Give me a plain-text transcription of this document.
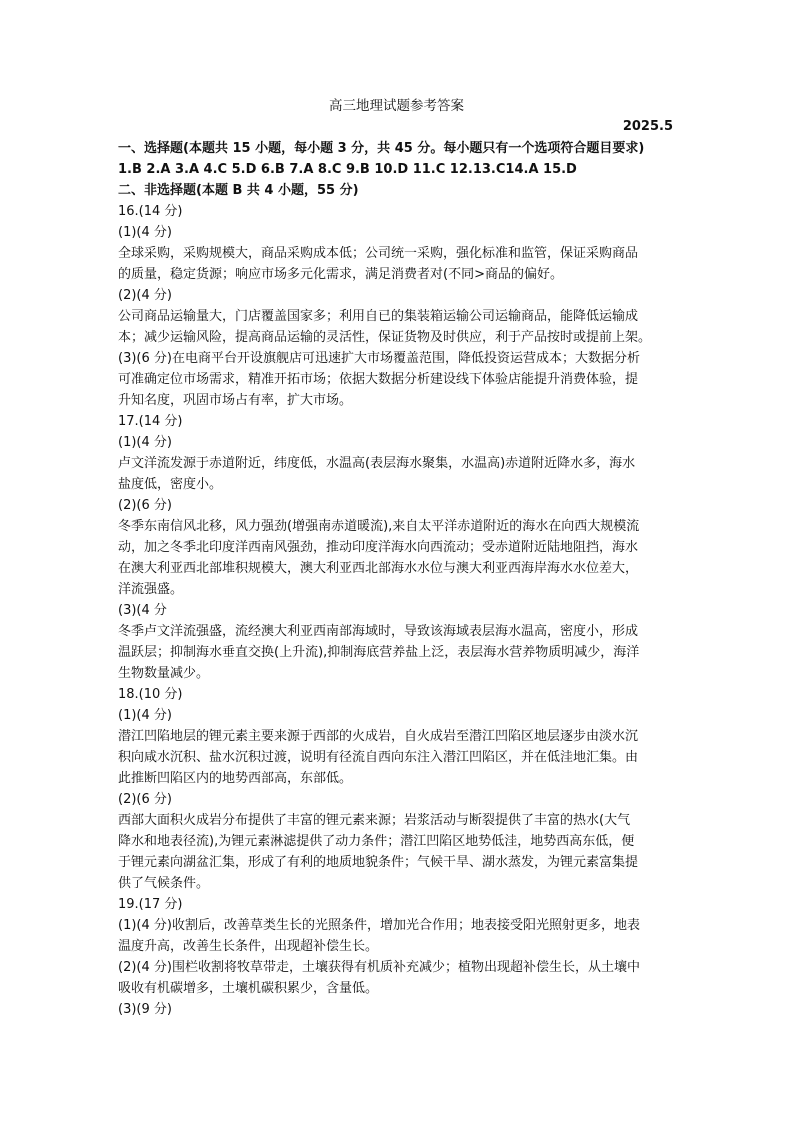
高三地理试题参考答案
2025.5
一、选择题(本题共 15 小题，每小题 3 分，共 45 分。每小题只有一个选项符合题目要求)
1.B 2.A 3.A 4.C 5.D 6.B 7.A 8.C 9.B 10.D 11.C 12.13.C14.A 15.D
二、非选择题(本题 B 共 4 小题，55 分)
16.(14 分)
(1)(4 分)
全球采购，采购规模大，商品采购成本低；公司统一采购，强化标准和监管，保证采购商品
的质量，稳定货源；响应市场多元化需求，满足消费者对(不同>商品的偏好。
(2)(4 分)
公司商品运输量大，门店覆盖国家多；利用自已的集装箱运输公司运输商品，能降低运输成
本；减少运输风险，提高商品运输的灵活性，保证货物及时供应，利于产品按时或提前上架。
(3)(6 分)在电商平台开设旗舰店可迅速扩大市场覆盖范围，降低投资运营成本；大数据分析
可准确定位市场需求，精准开拓市场；依据大数据分析建设线下体验店能提升消费体验，提
升知名度，巩固市场占有率，扩大市场。
17.(14 分)
(1)(4 分)
卢文洋流发源于赤道附近，纬度低，水温高(表层海水聚集，水温高)赤道附近降水多，海水
盐度低，密度小。
(2)(6 分)
冬季东南信风北移，风力强劲(增强南赤道暖流),来自太平洋赤道附近的海水在向西大规模流
动，加之冬季北印度洋西南风强劲，推动印度洋海水向西流动；受赤道附近陆地阻挡，海水
在澳大利亚西北部堆积规模大，澳大利亚西北部海水水位与澳大利亚西海岸海水水位差大，
洋流强盛。
(3)(4 分
冬季卢文洋流强盛，流经澳大利亚西南部海域时，导致该海域表层海水温高，密度小，形成
温跃层；抑制海水垂直交换(上升流),抑制海底营养盐上泛，表层海水营养物质明减少，海洋
生物数量减少。
18.(10 分)
(1)(4 分)
潜江凹陷地层的锂元素主要来源于西部的火成岩，自火成岩至潜江凹陷区地层逐步由淡水沉
积向咸水沉积、盐水沉积过渡，说明有径流自西向东注入潜江凹陷区，并在低洼地汇集。由
此推断凹陷区内的地势西部高，东部低。
(2)(6 分)
西部大面积火成岩分布提供了丰富的锂元素来源；岩浆活动与断裂提供了丰富的热水(大气
降水和地表径流),为锂元素淋滤提供了动力条件；潜江凹陷区地势低洼，地势西高东低，便
于锂元素向湖盆汇集，形成了有利的地质地貌条件；气候干旱、湖水蒸发，为锂元素富集提
供了气候条件。
19.(17 分)
(1)(4 分)收割后，改善草类生长的光照条件，增加光合作用；地表接受阳光照射更多，地表
温度升高，改善生长条件，出现超补偿生长。
(2)(4 分)围栏收割将牧草带走，土壤获得有机质补充减少；植物出现超补偿生长，从土壤中
吸收有机碳增多，土壤机碳积累少，含量低。
(3)(9 分)
